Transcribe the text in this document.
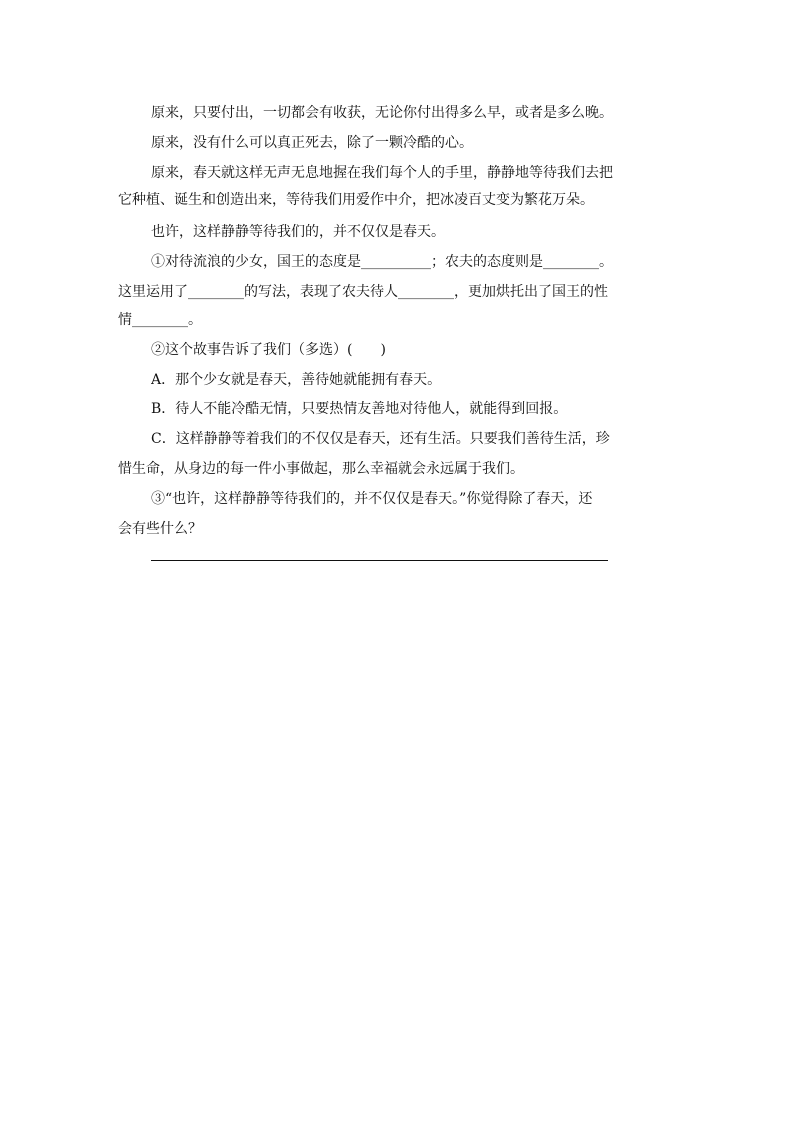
原来，只要付出，一切都会有收获，无论你付出得多么早，或者是多么晚。
原来，没有什么可以真正死去，除了一颗冷酷的心。
原来，春天就这样无声无息地握在我们每个人的手里，静静地等待我们去把
它种植、诞生和创造出来，等待我们用爱作中介，把冰凌百丈变为繁花万朵。
也许，这样静静等待我们的，并不仅仅是春天。
①对待流浪的少女，国王的态度是__________；农夫的态度则是________。
这里运用了________的写法，表现了农夫待人________，更加烘托出了国王的性
情________。
②这个故事告诉了我们（多选）(　　)
A．那个少女就是春天，善待她就能拥有春天。
B．待人不能冷酷无情，只要热情友善地对待他人，就能得到回报。
C．这样静静等着我们的不仅仅是春天，还有生活。只要我们善待生活，珍
惜生命，从身边的每一件小事做起，那么幸福就会永远属于我们。
③“也许，这样静静等待我们的，并不仅仅是春天。”你觉得除了春天，还
会有些什么？
